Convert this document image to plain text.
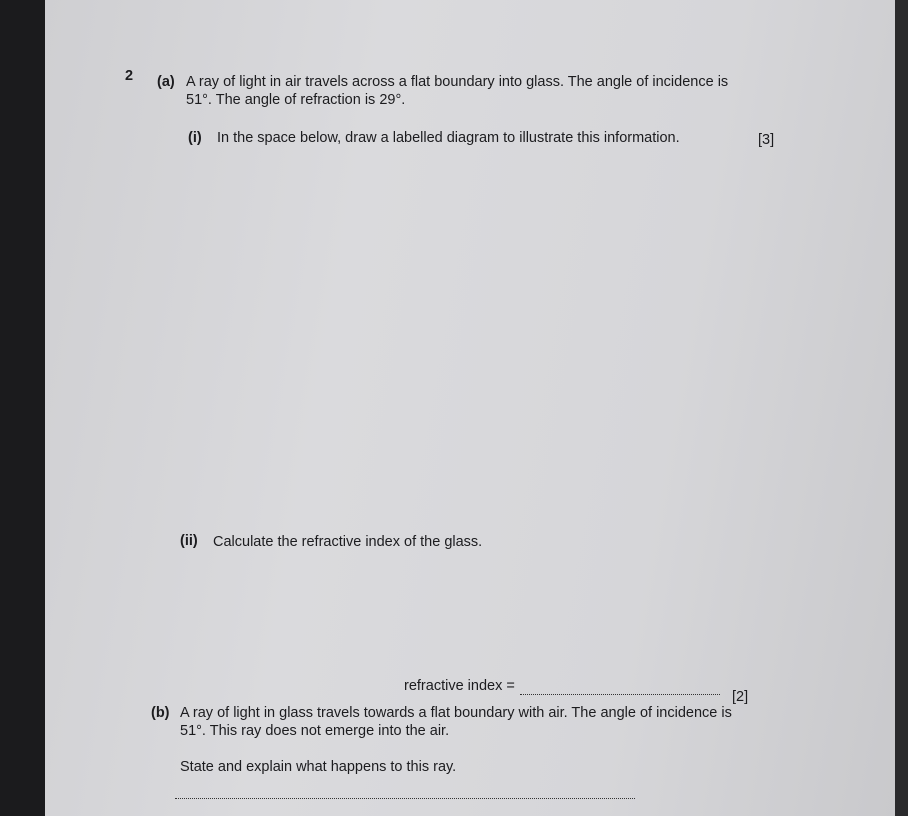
2 (a) A ray of light in air travels across a flat boundary into glass. The angle of incidence is
51°. The angle of refraction is 29°.
(i) In the space below, draw a labelled diagram to illustrate this information.	[3]
(ii) Calculate the refractive index of the glass.
refractive index =
[2]
(b) A ray of light in glass travels towards a flat boundary with air. The angle of incidence is
51°. This ray does not emerge into the air.
State and explain what happens to this ray.
